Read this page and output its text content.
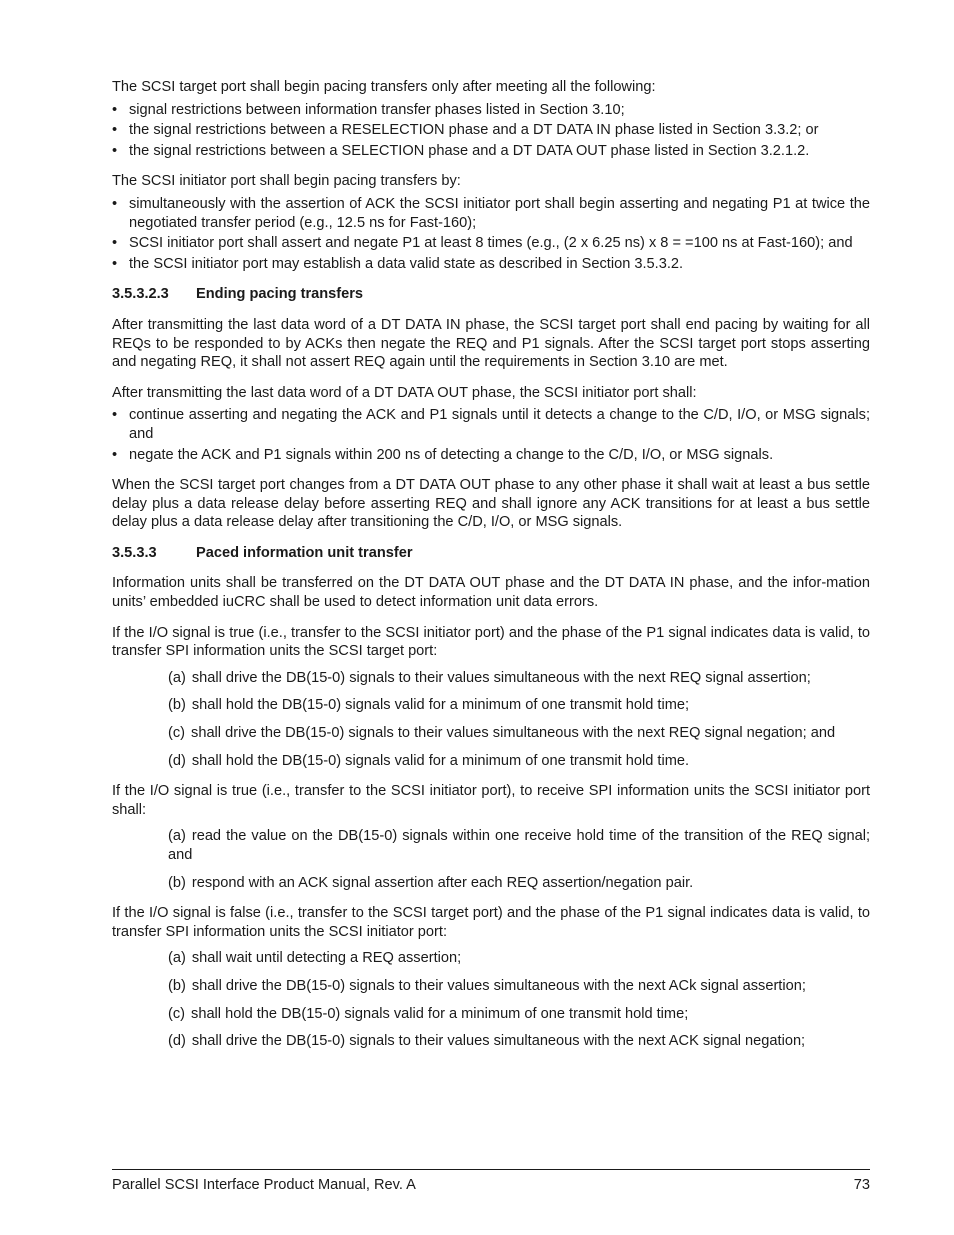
The SCSI target port shall begin pacing transfers only after meeting all the following:

• signal restrictions between information transfer phases listed in Section 3.10;
• the signal restrictions between a RESELECTION phase and a DT DATA IN phase listed in Section 3.3.2; or
• the signal restrictions between a SELECTION phase and a DT DATA OUT phase listed in Section 3.2.1.2.

The SCSI initiator port shall begin pacing transfers by:

• simultaneously with the assertion of ACK the SCSI initiator port shall begin asserting and negating P1 at twice the negotiated transfer period (e.g., 12.5 ns for Fast-160);
• SCSI initiator port shall assert and negate P1 at least 8 times (e.g., (2 x 6.25 ns) x 8 = =100 ns at Fast-160); and
• the SCSI initiator port may establish a data valid state as described in Section 3.5.3.2.
3.5.3.2.3 Ending pacing transfers

After transmitting the last data word of a DT DATA IN phase, the SCSI target port shall end pacing by waiting for all REQs to be responded to by ACKs then negate the REQ and P1 signals. After the SCSI target port stops asserting and negating REQ, it shall not assert REQ again until the requirements in Section 3.10 are met.

After transmitting the last data word of a DT DATA OUT phase, the SCSI initiator port shall:

• continue asserting and negating the ACK and P1 signals until it detects a change to the C/D, I/O, or MSG signals; and
• negate the ACK and P1 signals within 200 ns of detecting a change to the C/D, I/O, or MSG signals.

When the SCSI target port changes from a DT DATA OUT phase to any other phase it shall wait at least a bus settle delay plus a data release delay before asserting REQ and shall ignore any ACK transitions for at least a bus settle delay plus a data release delay after transitioning the C/D, I/O, or MSG signals.

3.5.3.3	Paced information unit transfer

Information units shall be transferred on the DT DATA OUT phase and the DT DATA IN phase, and the infor-mation units’ embedded iuCRC shall be used to detect information unit data errors.

If the I/O signal is true (i.e., transfer to the SCSI initiator port) and the phase of the P1 signal indicates data is valid, to transfer SPI information units the SCSI target port:

(a) shall drive the DB(15-0) signals to their values simultaneous with the next REQ signal assertion;
(b) shall hold the DB(15-0) signals valid for a minimum of one transmit hold time;
(c) shall drive the DB(15-0) signals to their values simultaneous with the next REQ signal negation; and
(d) shall hold the DB(15-0) signals valid for a minimum of one transmit hold time.

If the I/O signal is true (i.e., transfer to the SCSI initiator port), to receive SPI information units the SCSI initiator port shall:

(a) read the value on the DB(15-0) signals within one receive hold time of the transition of the REQ signal; and
(b) respond with an ACK signal assertion after each REQ assertion/negation pair.

If the I/O signal is false (i.e., transfer to the SCSI target port) and the phase of the P1 signal indicates data is valid, to transfer SPI information units the SCSI initiator port:

(a) shall wait until detecting a REQ assertion;
(b) shall drive the DB(15-0) signals to their values simultaneous with the next ACk signal assertion;
(c) shall hold the DB(15-0) signals valid for a minimum of one transmit hold time;
(d) shall drive the DB(15-0) signals to their values simultaneous with the next ACK signal negation;
Parallel SCSI Interface Product Manual, Rev. A	73
